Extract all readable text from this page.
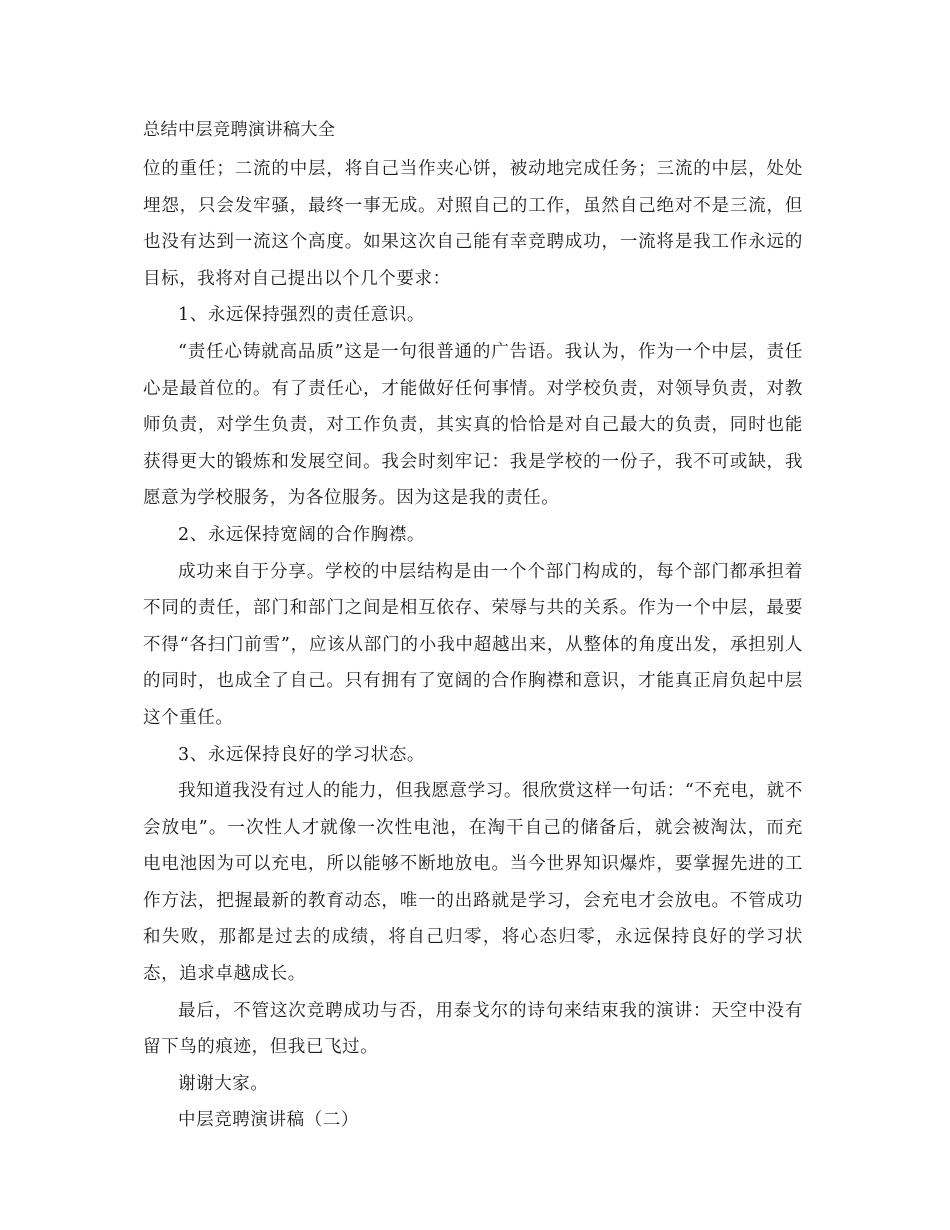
总结中层竞聘演讲稿大全

位的重任；二流的中层，将自己当作夹心饼，被动地完成任务；三流的中层，处处埋怨，只会发牢骚，最终一事无成。对照自己的工作，虽然自己绝对不是三流，但也没有达到一流这个高度。如果这次自己能有幸竞聘成功，一流将是我工作永远的目标，我将对自己提出以个几个要求：

1、永远保持强烈的责任意识。

“责任心铸就高品质”这是一句很普通的广告语。我认为，作为一个中层，责任心是最首位的。有了责任心，才能做好任何事情。对学校负责，对领导负责，对教师负责，对学生负责，对工作负责，其实真的恰恰是对自己最大的负责，同时也能获得更大的锻炼和发展空间。我会时刻牢记：我是学校的一份子，我不可或缺，我愿意为学校服务，为各位服务。因为这是我的责任。

2、永远保持宽阔的合作胸襟。

成功来自于分享。学校的中层结构是由一个个部门构成的，每个部门都承担着不同的责任，部门和部门之间是相互依存、荣辱与共的关系。作为一个中层，最要不得“各扫门前雪”，应该从部门的小我中超越出来，从整体的角度出发，承担别人的同时，也成全了自己。只有拥有了宽阔的合作胸襟和意识，才能真正肩负起中层这个重任。

3、永远保持良好的学习状态。

我知道我没有过人的能力，但我愿意学习。很欣赏这样一句话：“不充电，就不会放电”。一次性人才就像一次性电池，在淘干自己的储备后，就会被淘汰，而充电电池因为可以充电，所以能够不断地放电。当今世界知识爆炸，要掌握先进的工作方法，把握最新的教育动态，唯一的出路就是学习，会充电才会放电。不管成功和失败，那都是过去的成绩，将自己归零，将心态归零，永远保持良好的学习状态，追求卓越成长。

最后，不管这次竞聘成功与否，用泰戈尔的诗句来结束我的演讲：天空中没有留下鸟的痕迹，但我已飞过。

谢谢大家。

中层竞聘演讲稿（二）
